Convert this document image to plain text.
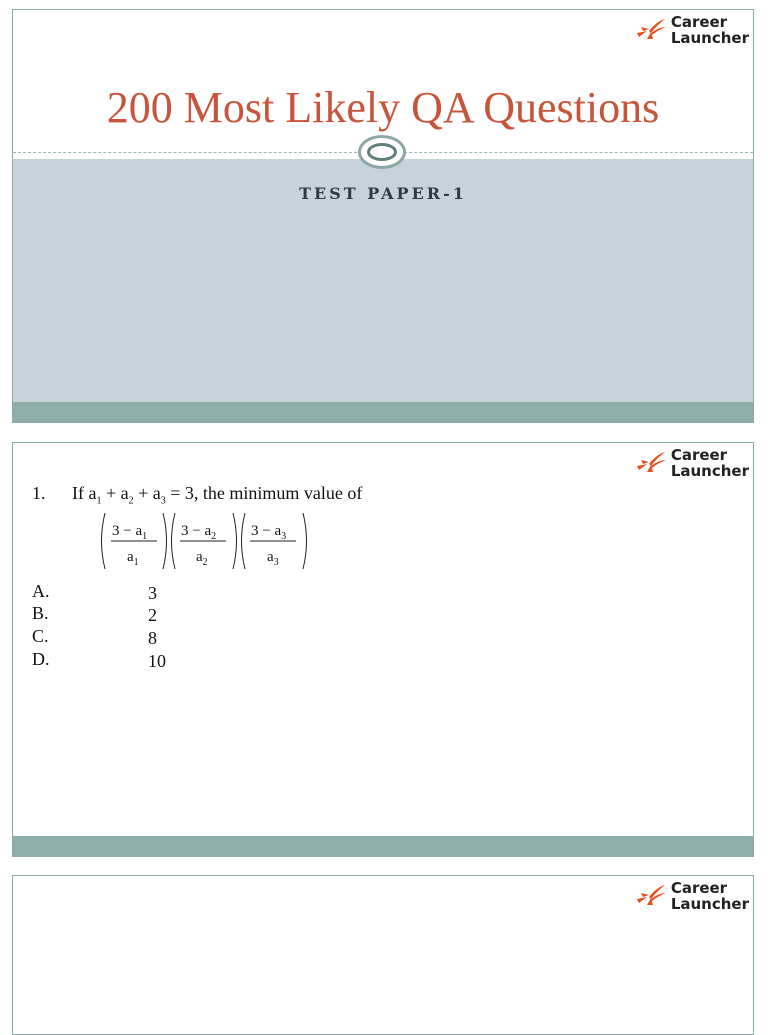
Career
Launcher
200 Most Likely QA Questions
TEST PAPER-1
Career
Launcher
1. If $a_1 + a_2 + a_3 = 3$, the minimum value of
$3 - a_1$
$a_1$
$3 - a_2$
$a_2$
$3 - a_3$
$a_3$
A.	3
B.	2
C.	8
D.	10
Career
Launcher
